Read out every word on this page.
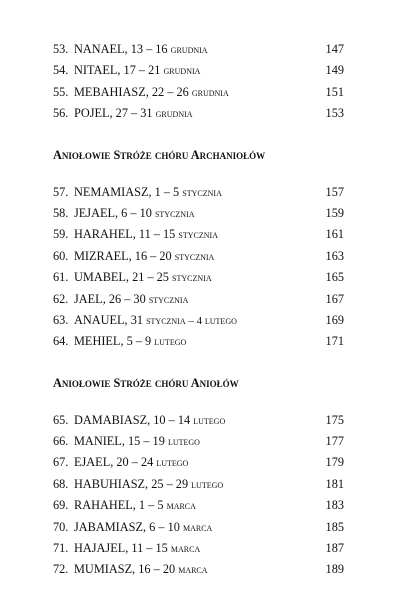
53. NANAEL, 13 – 16 grudnia	147
54. NITAEL, 17 – 21 grudnia	149
55. MEBAHIASZ, 22 – 26 grudnia	151
56. POJEL, 27 – 31 grudnia	153
Aniołowie Stróże chóru Archaniołów
57. NEMAMIASZ, 1 – 5 stycznia	157
58. JEJAEL, 6 – 10 stycznia	159
59. HARAHEL, 11 – 15 stycznia	161
60. MIZRAEL, 16 – 20 stycznia	163
61. UMABEL, 21 – 25 stycznia	165
62. JAEL, 26 – 30 stycznia	167
63. ANAUEL, 31 stycznia – 4 lutego	169
64. MEHIEL, 5 – 9 lutego	171
Aniołowie Stróże chóru Aniołów
65. DAMABIASZ, 10 – 14 lutego	175
66. MANIEL, 15 – 19 lutego	177
67. EJAEL, 20 – 24 lutego	179
68. HABUHIASZ, 25 – 29 lutego	181
69. RAHAHEL, 1 – 5 marca	183
70. JABAMIASZ, 6 – 10 marca	185
71. HAJAJEL, 11 – 15 marca	187
72. MUMIASZ, 16 – 20 marca	189
